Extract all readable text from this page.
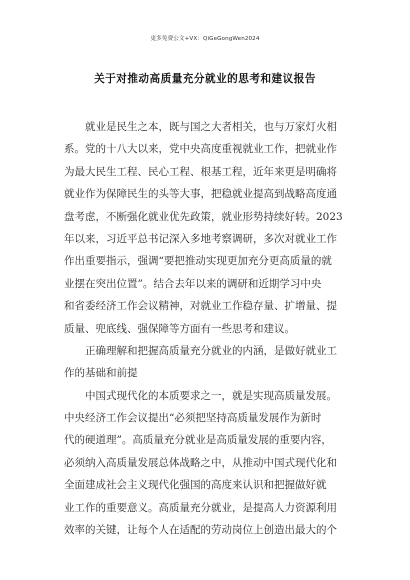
更多免费公文+VX：QiGeGongWen2024
关于对推动高质量充分就业的思考和建议报告
就业是民生之本，既与国之大者相关，也与万家灯火相
系。党的十八大以来，党中央高度重视就业工作，把就业作
为最大民生工程、民心工程、根基工程，近年来更是明确将
就业作为保障民生的头等大事，把稳就业提高到战略高度通
盘考虑，不断强化就业优先政策，就业形势持续好转。2023
年以来，习近平总书记深入多地考察调研，多次对就业工作
作出重要指示，强调“要把推动实现更加充分更高质量的就
业摆在突出位置”。结合去年以来的调研和近期学习中央
和省委经济工作会议精神，对就业工作稳存量、扩增量、提
质量、兜底线、强保障等方面有一些思考和建议。
正确理解和把握高质量充分就业的内涵，是做好就业工
作的基础和前提
中国式现代化的本质要求之一，就是实现高质量发展。
中央经济工作会议提出“必须把坚持高质量发展作为新时
代的硬道理”。高质量充分就业是高质量发展的重要内容，
必须纳入高质量发展总体战略之中，从推动中国式现代化和
全面建成社会主义现代化强国的高度来认识和把握做好就
业工作的重要意义。高质量充分就业，是提高人力资源利用
效率的关键，让每个人在适配的劳动岗位上创造出最大的个
